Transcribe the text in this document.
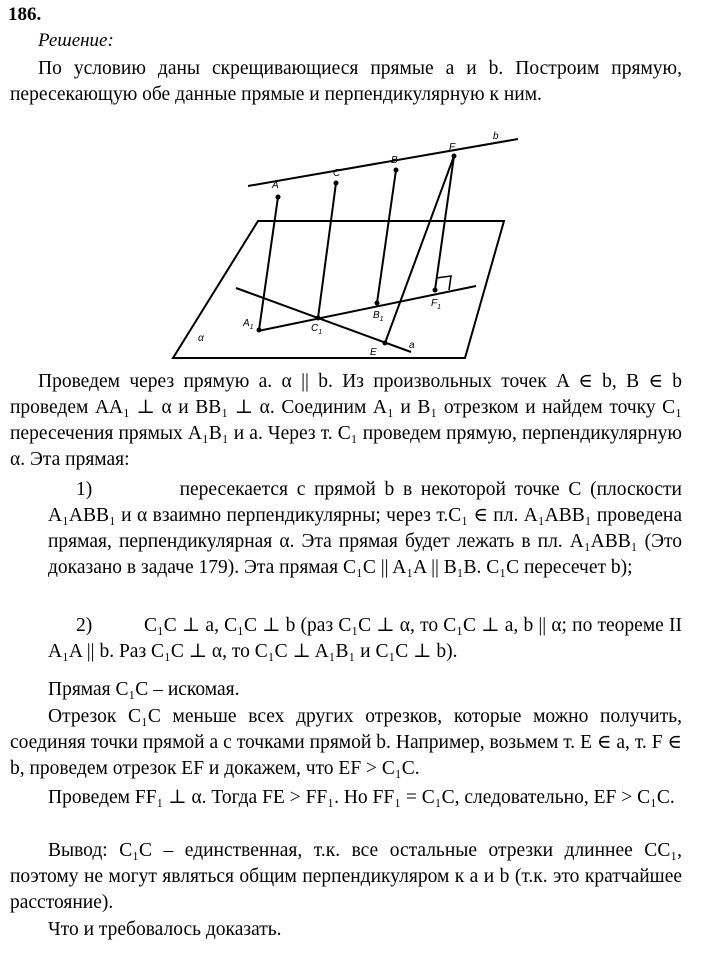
186.
Решение:

По условию даны скрещивающиеся прямые a и b. Построим прямую, пересекающую обе данные прямые и перпендикулярную к ним.

b
A
C
B
F
$A_1$	$C_1$
$B_1$
$F_1$
E
a
α

Проведем через прямую a. α || b. Из произвольных точек A ∈ b, B ∈ b проведем AA₁ ⊥ α и BB₁ ⊥ α. Соединим A₁ и B₁ отрезком и найдем точку C₁ пересечения прямых A₁B₁ и a. Через т. C₁ проведем прямую, перпендикулярную α. Эта прямая:

1)          пересекается с прямой b в некоторой точке C (плоскости A₁ABB₁ и α взаимно перпендикулярны; через т.C₁ ∈ пл. A₁ABB₁ проведена прямая, перпендикулярная α. Эта прямая будет лежать в пл. A₁ABB₁ (Это доказано в задаче 179). Эта прямая C₁C || A₁A || B₁B. C₁C пересечет b);

2)          C₁C ⊥ a, C₁C ⊥ b (раз C₁C ⊥ α, то C₁C ⊥ a, b || α; по теореме II A₁A || b. Раз C₁C ⊥ α, то C₁C ⊥ A₁B₁ и C₁C ⊥ b).

Прямая C₁C – искомая.

Отрезок C₁C меньше всех других отрезков, которые можно получить, соединяя точки прямой a с точками прямой b. Например, возьмем т. E ∈ a, т. F ∈ b, проведем отрезок EF и докажем, что EF > C₁C.

Проведем FF₁ ⊥ α. Тогда FE > FF₁. Но FF₁ = C₁C, следовательно, EF > C₁C.

Вывод: C₁C – единственная, т.к. все остальные отрезки длиннее CC₁, поэтому не могут являться общим перпендикуляром к a и b (т.к. это кратчайшее расстояние).

Что и требовалось доказать.
